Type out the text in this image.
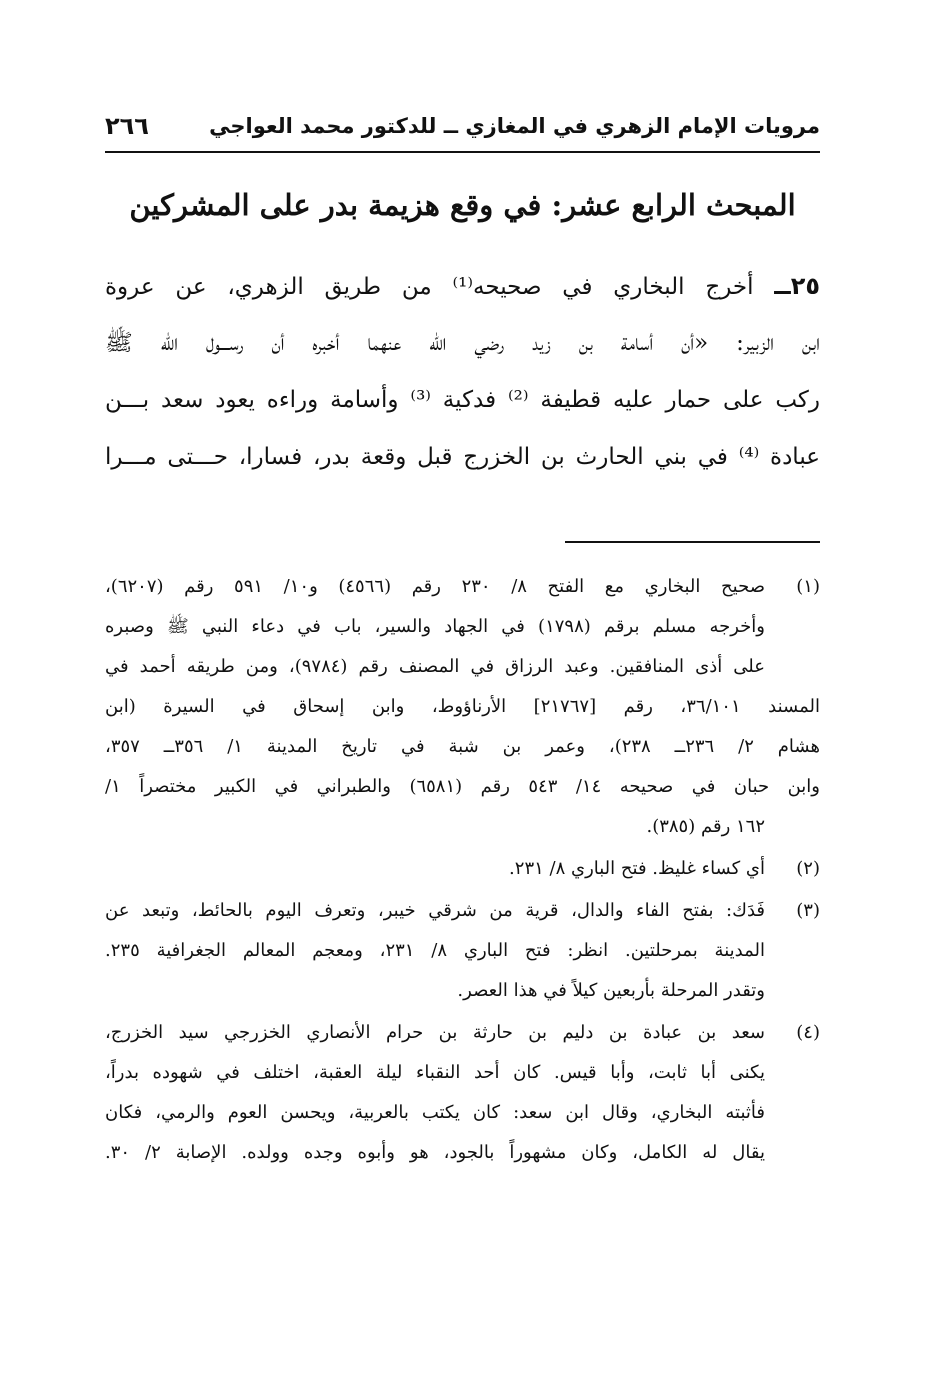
مرويات الإمام الزهري في المغازي ــ للدكتور محمد العواجي
٢٦٦
المبحث الرابع عشر: في وقع هزيمة بدر على المشركين
٢٥ــ أخرج البخاري في صحيحه⁽¹⁾ من طريق الزهري، عن عروة
ابن الزبير: «أن أسامة بن زيد رضي الله عنهما أخبره أن رســـول الله ﷺ
ركب على حمار عليه قطيفة ⁽²⁾ فدكية ⁽³⁾ وأسامة وراءه يعود سعد بـــن
عبادة ⁽⁴⁾ في بني الحارث بن الخزرج قبل وقعة بدر، فسارا، حـــتى مـــرا
(١)
صحيح البخاري مع الفتح ٨/ ٢٣٠ رقم (٤٥٦٦) و١٠/ ٥٩١ رقم (٦٢٠٧)،
وأخرجه مسلم برقم (١٧٩٨) في الجهاد والسير، باب في دعاء النبي ﷺ وصبره
على أذى المنافقين. وعبد الرزاق في المصنف رقم (٩٧٨٤)، ومن طريقه أحمد في
المسند ٣٦/١٠١، رقم [٢١٧٦٧] الأرناؤوط، وابن إسحاق في السيرة (ابن
هشام ٢/ ٢٣٦ــ ٢٣٨)، وعمر بن شبة في تاريخ المدينة ١/ ٣٥٦ــ ٣٥٧،
وابن حبان في صحيحه ١٤/ ٥٤٣ رقم (٦٥٨١) والطبراني في الكبير مختصراً ١/
١٦٢ رقم (٣٨٥).
(٢)
أي كساء غليظ. فتح الباري ٨/ ٢٣١.
(٣)
فَدَك: بفتح الفاء والدال، قرية من شرقي خيبر، وتعرف اليوم بالحائط، وتبعد عن
المدينة بمرحلتين. انظر: فتح الباري ٨/ ٢٣١، ومعجم المعالم الجغرافية ٢٣٥.
وتقدر المرحلة بأربعين كيلاً في هذا العصر.
(٤)
سعد بن عبادة بن دليم بن حارثة بن حرام الأنصاري الخزرجي سيد الخزرج،
يكنى أبا ثابت، وأبا قيس. كان أحد النقباء ليلة العقبة، اختلف في شهوده بدراً،
فأثبته البخاري، وقال ابن سعد: كان يكتب بالعربية، ويحسن العوم والرمي، فكان
يقال له الكامل، وكان مشهوراً بالجود، هو وأبوه وجده وولده. الإصابة ٢/ ٣٠.
